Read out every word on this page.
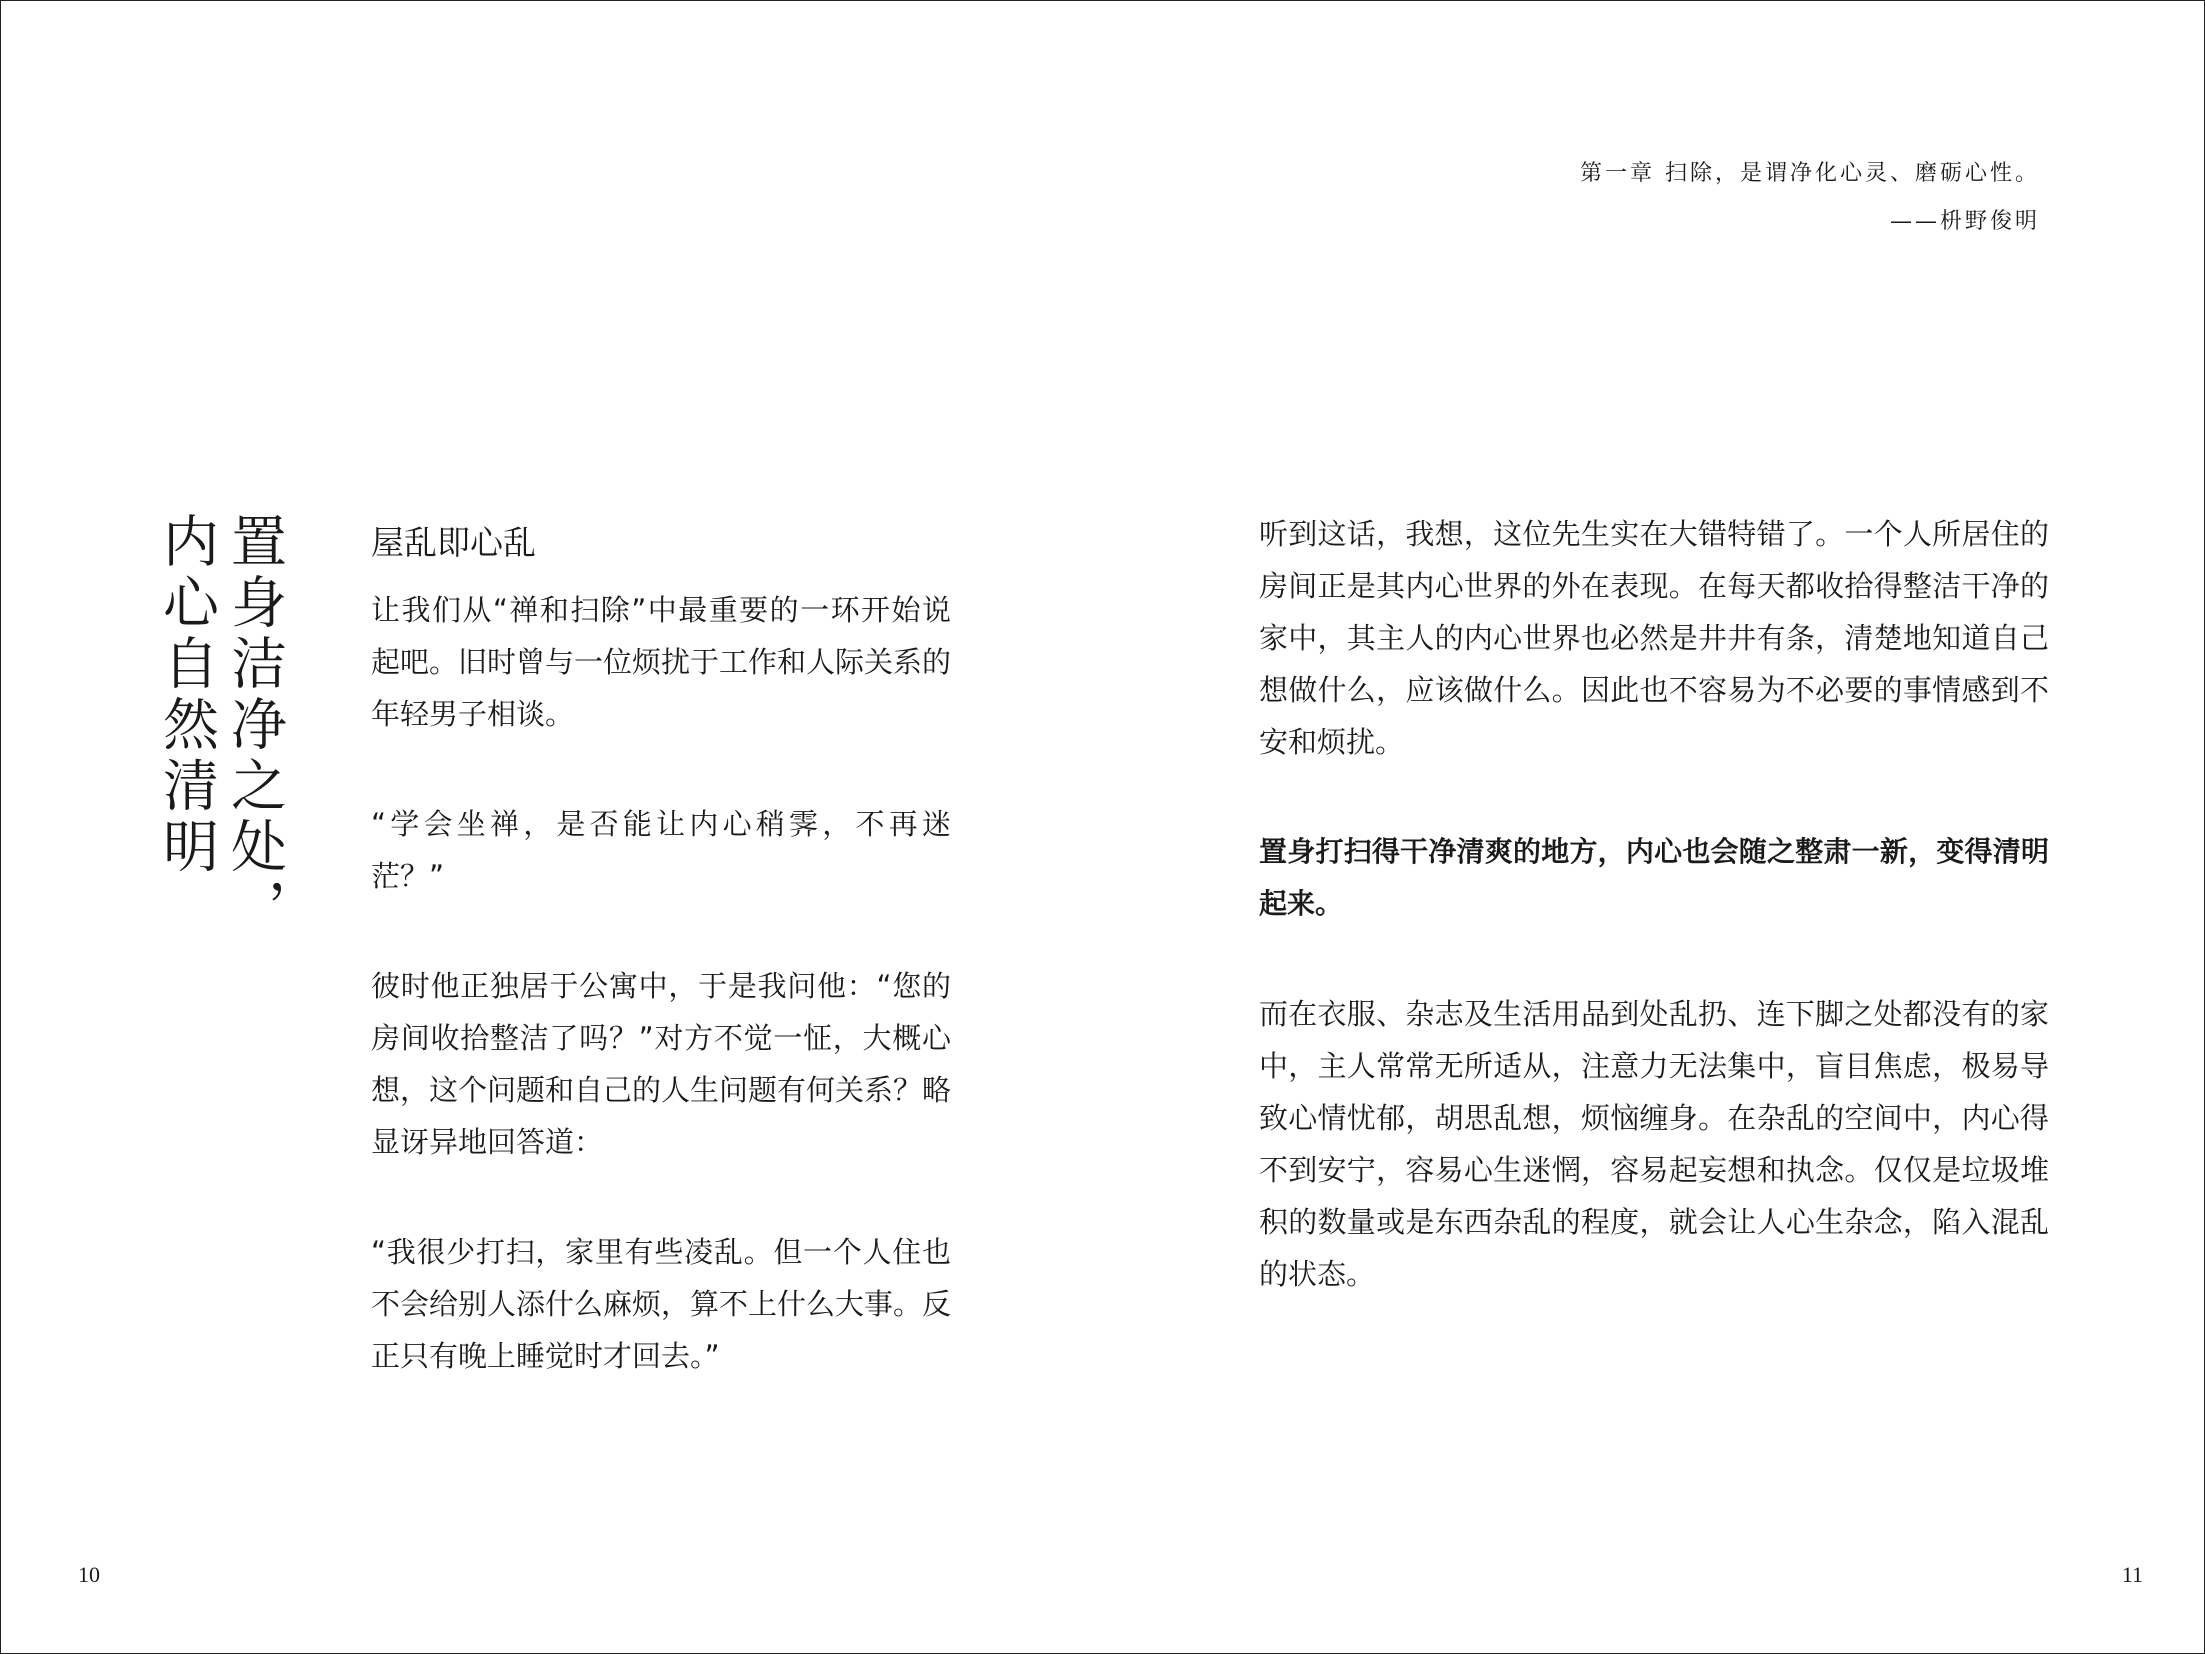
第一章 扫除，是谓净化心灵、磨砺心性。
——枡野俊明
置身洁净之处，
内心自然清明	屋乱即心乱

让我们从“禅和扫除”中最重要的一环开始说起吧。旧时曾与一位烦扰于工作和人际关系的年轻男子相谈。

“学会坐禅，是否能让内心稍霁，不再迷茫？”

彼时他正独居于公寓中，于是我问他：“您的房间收拾整洁了吗？”对方不觉一怔，大概心想，这个问题和自己的人生问题有何关系？略显讶异地回答道：

“我很少打扫，家里有些凌乱。但一个人住也不会给别人添什么麻烦，算不上什么大事。反正只有晚上睡觉时才回去。”

听到这话，我想，这位先生实在大错特错了。一个人所居住的房间正是其内心世界的外在表现。在每天都收拾得整洁干净的家中，其主人的内心世界也必然是井井有条，清楚地知道自己想做什么，应该做什么。因此也不容易为不必要的事情感到不安和烦扰。

置身打扫得干净清爽的地方，内心也会随之整肃一新，变得清明起来。

而在衣服、杂志及生活用品到处乱扔、连下脚之处都没有的家中，主人常常无所适从，注意力无法集中，盲目焦虑，极易导致心情忧郁，胡思乱想，烦恼缠身。在杂乱的空间中，内心得不到安宁，容易心生迷惘，容易起妄想和执念。仅仅是垃圾堆积的数量或是东西杂乱的程度，就会让人心生杂念，陷入混乱的状态。

10	11
